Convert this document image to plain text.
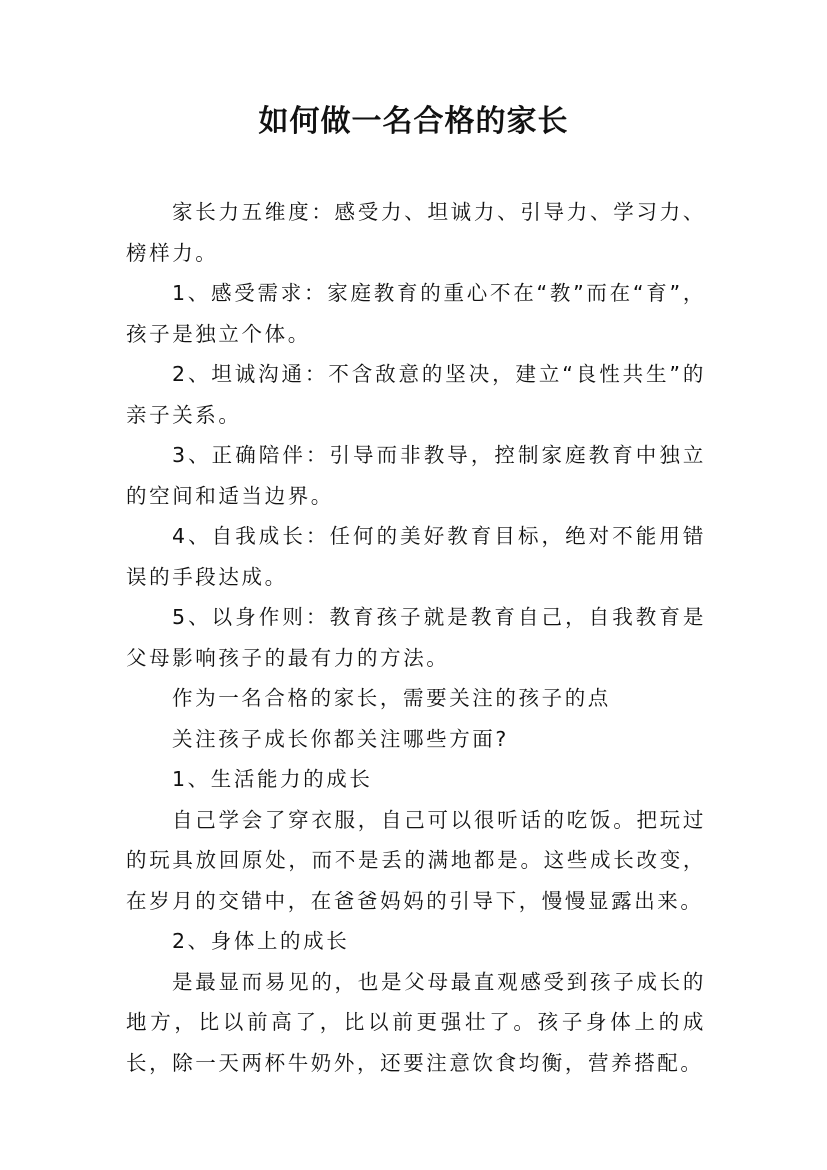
如何做一名合格的家长

家长力五维度：感受力、坦诚力、引导力、学习力、榜样力。

1、感受需求：家庭教育的重心不在“教”而在“育”，孩子是独立个体。

2、坦诚沟通：不含敌意的坚决，建立“良性共生”的亲子关系。

3、正确陪伴：引导而非教导，控制家庭教育中独立的空间和适当边界。

4、自我成长：任何的美好教育目标，绝对不能用错误的手段达成。

5、以身作则：教育孩子就是教育自己，自我教育是父母影响孩子的最有力的方法。

作为一名合格的家长，需要关注的孩子的点

关注孩子成长你都关注哪些方面?

1、生活能力的成长

自己学会了穿衣服，自己可以很听话的吃饭。把玩过的玩具放回原处，而不是丢的满地都是。这些成长改变，在岁月的交错中，在爸爸妈妈的引导下，慢慢显露出来。

2、身体上的成长

是最显而易见的，也是父母最直观感受到孩子成长的地方，比以前高了，比以前更强壮了。孩子身体上的成长，除一天两杯牛奶外，还要注意饮食均衡，营养搭配。
